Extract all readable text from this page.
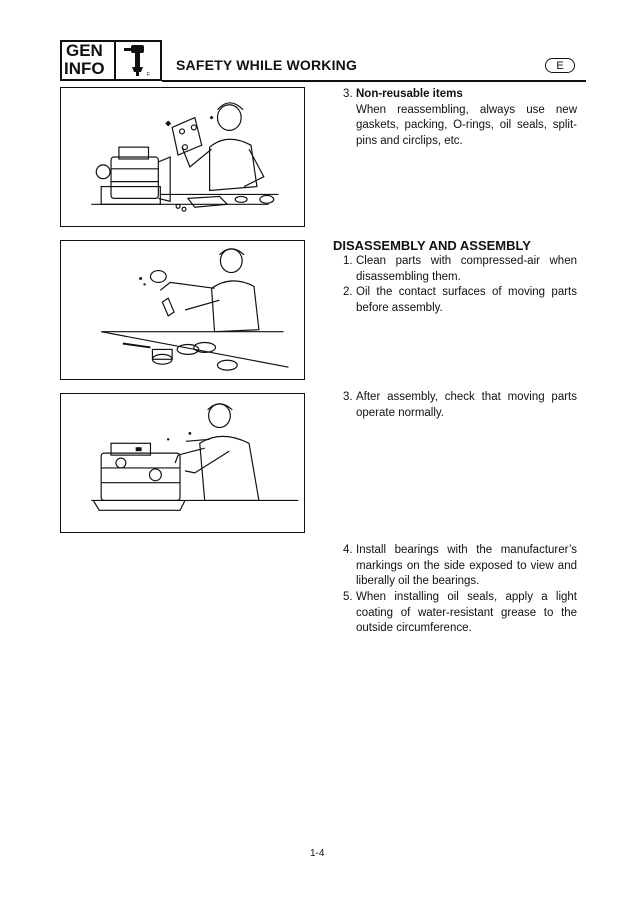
GEN
INFO	F
SAFETY WHILE WORKING	E
3. Non-reusable items
When reassembling, always use new gaskets, packing, O-rings, oil seals, split-pins and circlips, etc.
DISASSEMBLY AND ASSEMBLY
1. Clean parts with compressed-air when disassembling them.
2. Oil the contact surfaces of moving parts before assembly.
3. After assembly, check that moving parts operate normally.
4. Install bearings with the manufacturer’s markings on the side exposed to view and liberally oil the bearings.
5. When installing oil seals, apply a light coating of water-resistant grease to the outside circumference.
1-4
